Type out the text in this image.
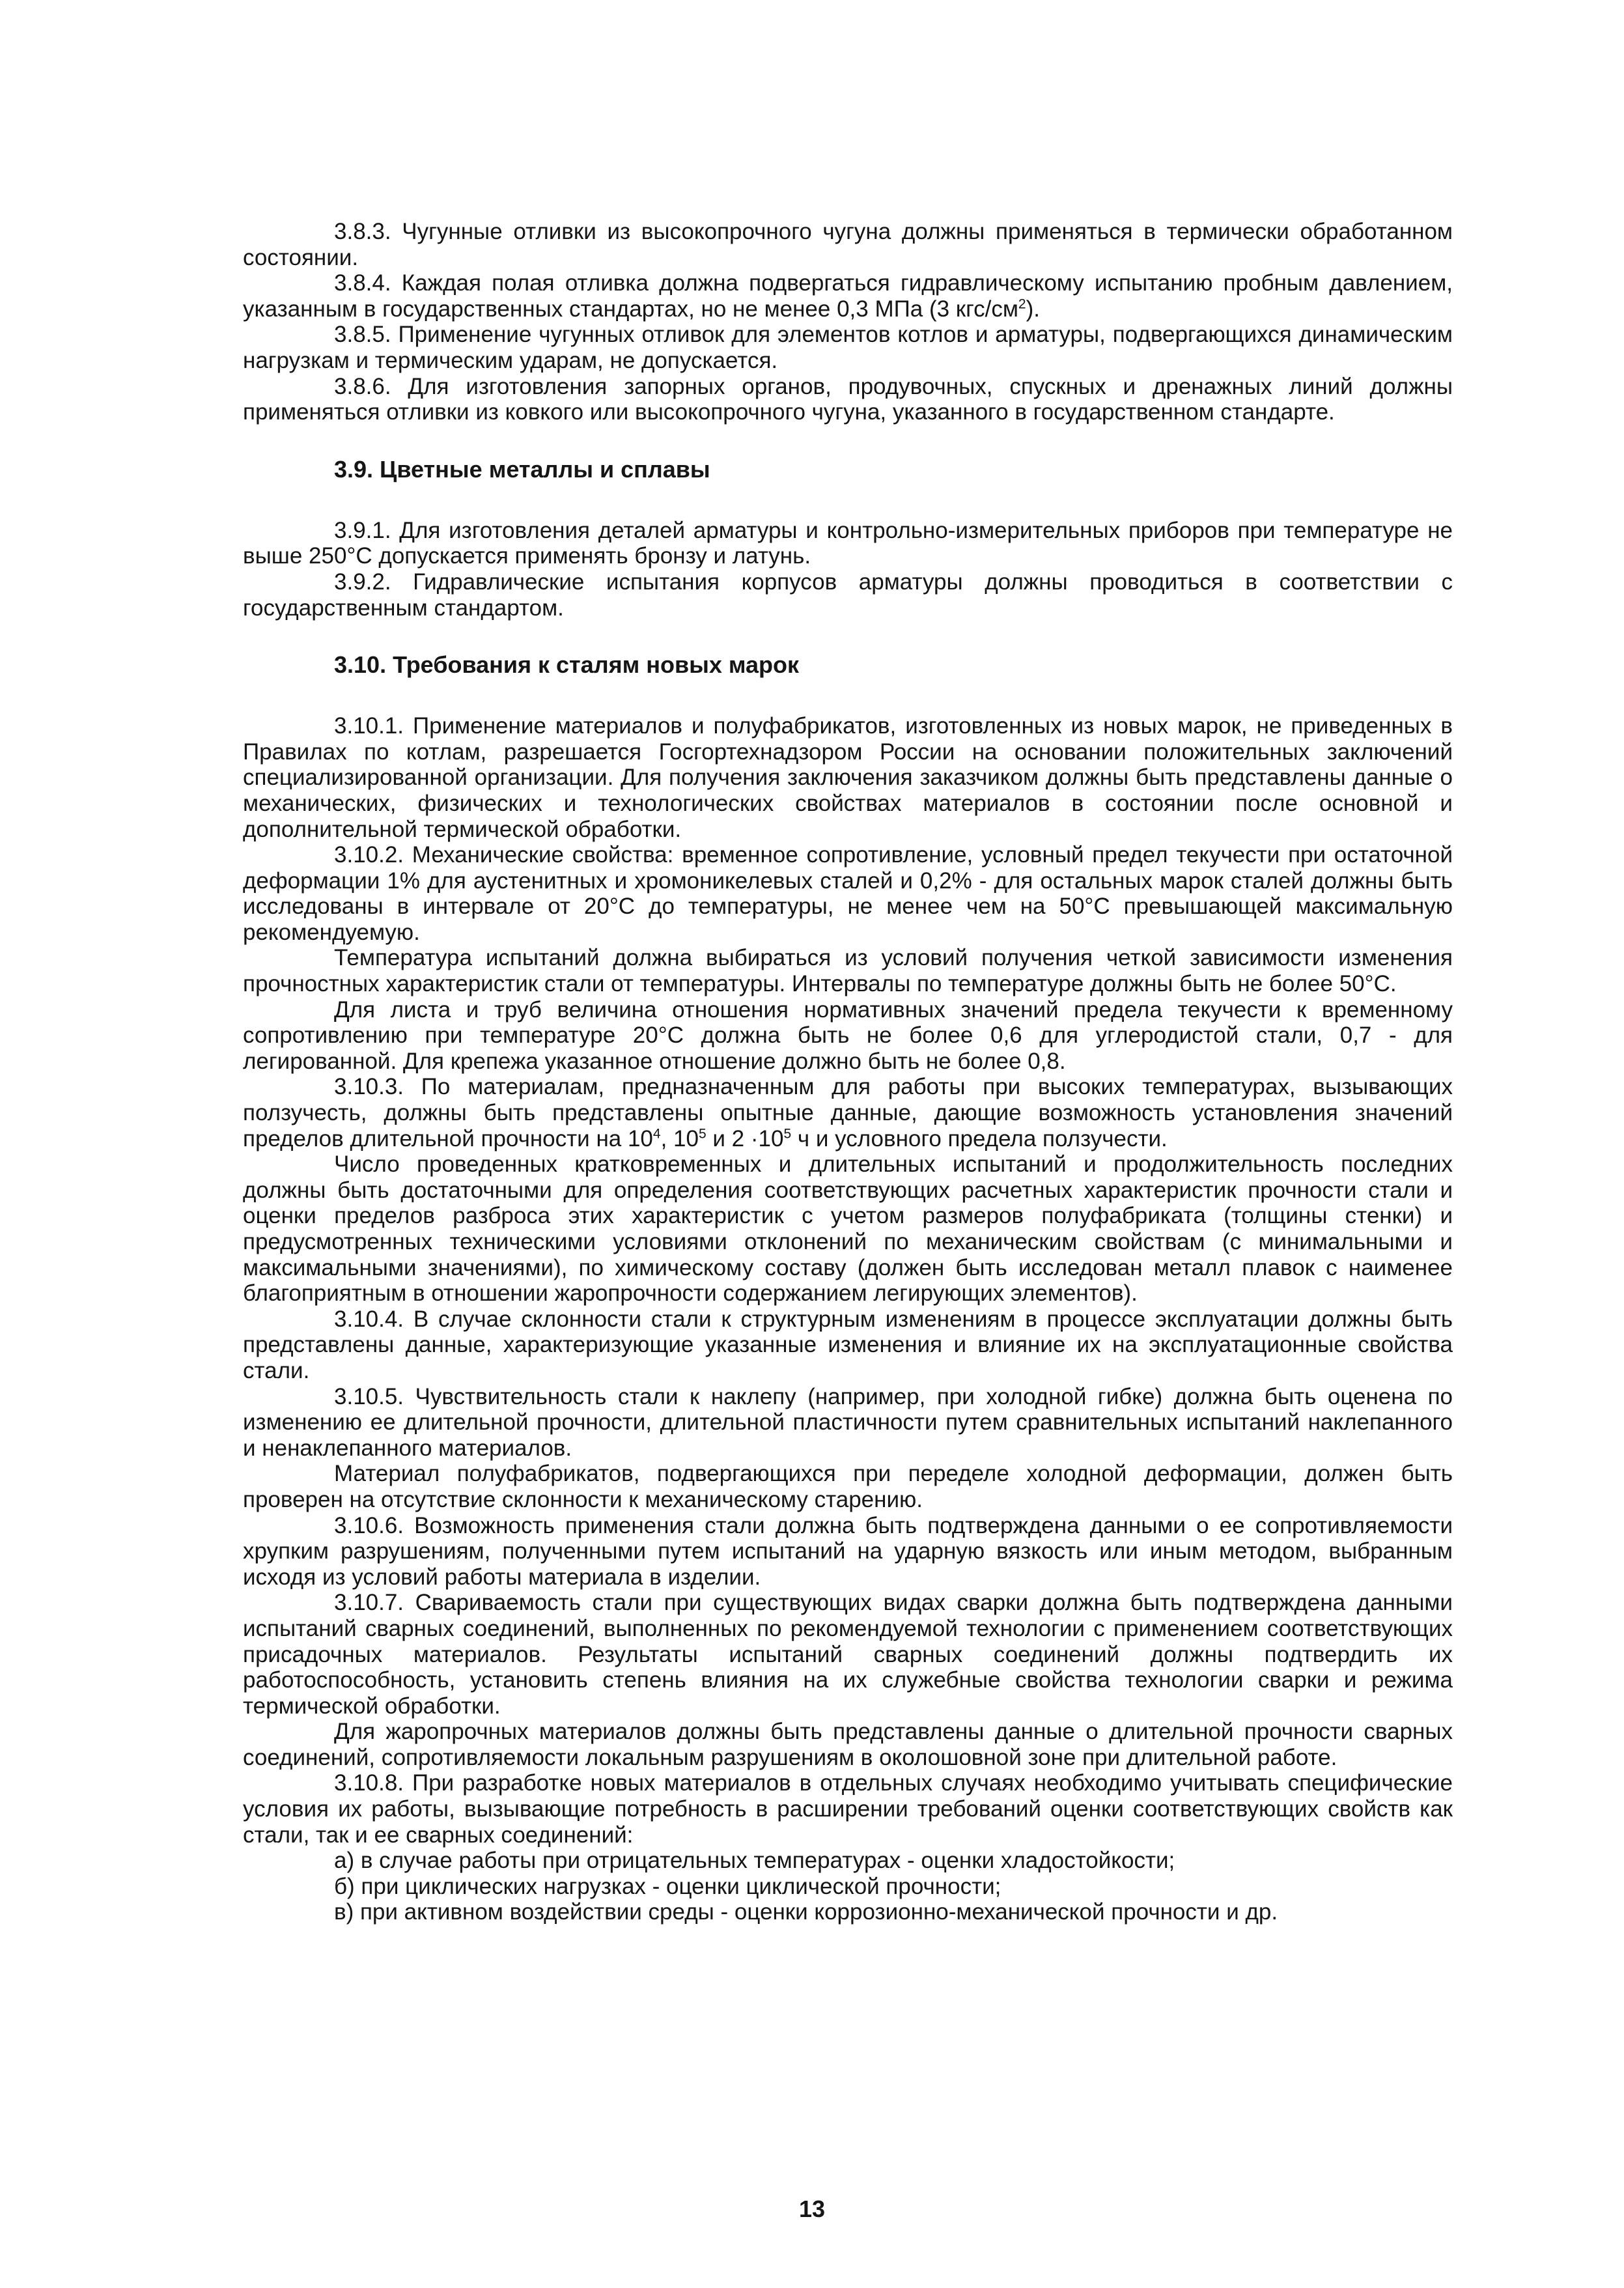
3.8.3. Чугунные отливки из высокопрочного чугуна должны применяться в термически обработанном состоянии.

3.8.4. Каждая полая отливка должна подвергаться гидравлическому испытанию пробным давлением, указанным в государственных стандартах, но не менее 0,3 МПа (3 кгс/$см^2$).

3.8.5. Применение чугунных отливок для элементов котлов и арматуры, подвергающихся динамическим нагрузкам и термическим ударам, не допускается.

3.8.6. Для изготовления запорных органов, продувочных, спускных и дренажных линий должны применяться отливки из ковкого или высокопрочного чугуна, указанного в государственном стандарте.

3.9. Цветные металлы и сплавы

3.9.1. Для изготовления деталей арматуры и контрольно-измерительных приборов при температуре не выше 250°С допускается применять бронзу и латунь.

3.9.2. Гидравлические испытания корпусов арматуры должны проводиться в соответствии с государственным стандартом.

3.10. Требования к сталям новых марок

3.10.1. Применение материалов и полуфабрикатов, изготовленных из новых марок, не приведенных в Правилах по котлам, разрешается Госгортехнадзором России на основании положительных заключений специализированной организации. Для получения заключения заказчиком должны быть представлены данные о механических, физических и технологических свойствах материалов в состоянии после основной и дополнительной термической обработки.

3.10.2. Механические свойства: временное сопротивление, условный предел текучести при остаточной деформации 1% для аустенитных и хромоникелевых сталей и 0,2% - для остальных марок сталей должны быть исследованы в интервале от 20°С до температуры, не менее чем на 50°С превышающей максимальную рекомендуемую.

Температура испытаний должна выбираться из условий получения четкой зависимости изменения прочностных характеристик стали от температуры. Интервалы по температуре должны быть не более 50°С.

Для листа и труб величина отношения нормативных значений предела текучести к временному сопротивлению при температуре 20°С должна быть не более 0,6 для углеродистой стали, 0,7 - для легированной. Для крепежа указанное отношение должно быть не более 0,8.

3.10.3. По материалам, предназначенным для работы при высоких температурах, вызывающих ползучесть, должны быть представлены опытные данные, дающие возможность установления значений пределов длительной прочности на $10^4$, $10^5$ и $2 \cdot 10^5$ ч и условного предела ползучести.

Число проведенных кратковременных и длительных испытаний и продолжительность последних должны быть достаточными для определения соответствующих расчетных характеристик прочности стали и оценки пределов разброса этих характеристик с учетом размеров полуфабриката (толщины стенки) и предусмотренных техническими условиями отклонений по механическим свойствам (с минимальными и максимальными значениями), по химическому составу (должен быть исследован металл плавок с наименее благоприятным в отношении жаропрочности содержанием легирующих элементов).

3.10.4. В случае склонности стали к структурным изменениям в процессе эксплуатации должны быть представлены данные, характеризующие указанные изменения и влияние их на эксплуатационные свойства стали.

3.10.5. Чувствительность стали к наклепу (например, при холодной гибке) должна быть оценена по изменению ее длительной прочности, длительной пластичности путем сравнительных испытаний наклепанного и ненаклепанного материалов.

Материал полуфабрикатов, подвергающихся при переделе холодной деформации, должен быть проверен на отсутствие склонности к механическому старению.

3.10.6. Возможность применения стали должна быть подтверждена данными о ее сопротивляемости хрупким разрушениям, полученными путем испытаний на ударную вязкость или иным методом, выбранным исходя из условий работы материала в изделии.

3.10.7. Свариваемость стали при существующих видах сварки должна быть подтверждена данными испытаний сварных соединений, выполненных по рекомендуемой технологии с применением соответствующих присадочных материалов. Результаты испытаний сварных соединений должны подтвердить их работоспособность, установить степень влияния на их служебные свойства технологии сварки и режима термической обработки.

Для жаропрочных материалов должны быть представлены данные о длительной прочности сварных соединений, сопротивляемости локальным разрушениям в околошовной зоне при длительной работе.

3.10.8. При разработке новых материалов в отдельных случаях необходимо учитывать специфические условия их работы, вызывающие потребность в расширении требований оценки соответствующих свойств как стали, так и ее сварных соединений:

а) в случае работы при отрицательных температурах - оценки хладостойкости;

б) при циклических нагрузках - оценки циклической прочности;

в) при активном воздействии среды - оценки коррозионно-механической прочности и др.

13
